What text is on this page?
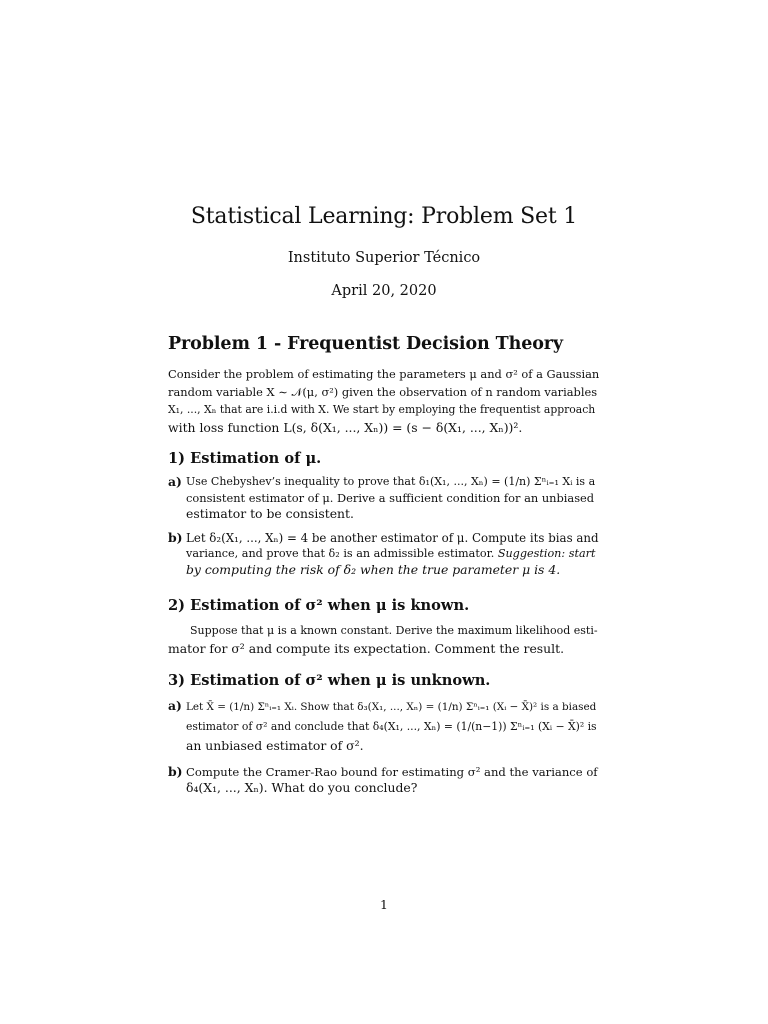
Statistical Learning: Problem Set 1
Instituto Superior Técnico
April 20, 2020
Problem 1 - Frequentist Decision Theory
Consider the problem of estimating the parameters μ and σ² of a Gaussian
random variable X ∼ 𝒩(μ, σ²) given the observation of n random variables
X₁, ..., Xₙ that are i.i.d with X. We start by employing the frequentist approach
with loss function L(s, δ(X₁, ..., Xₙ)) = (s − δ(X₁, ..., Xₙ))².
1) Estimation of μ.
a) Use Chebyshev’s inequality to prove that δ₁(X₁, ..., Xₙ) = (1/n) Σⁿᵢ₌₁ Xᵢ is a
consistent estimator of μ. Derive a sufficient condition for an unbiased
estimator to be consistent.
b) Let δ₂(X₁, ..., Xₙ) = 4 be another estimator of μ. Compute its bias and
variance, and prove that δ₂ is an admissible estimator. Suggestion: start
by computing the risk of δ₂ when the true parameter μ is 4.
2) Estimation of σ² when μ is known.
Suppose that μ is a known constant. Derive the maximum likelihood esti-
mator for σ² and compute its expectation. Comment the result.
3) Estimation of σ² when μ is unknown.
a) Let X̄ = (1/n) Σⁿᵢ₌₁ Xᵢ. Show that δ₃(X₁, ..., Xₙ) = (1/n) Σⁿᵢ₌₁ (Xᵢ − X̄)² is a biased
estimator of σ² and conclude that δ₄(X₁, ..., Xₙ) = (1/(n−1)) Σⁿᵢ₌₁ (Xᵢ − X̄)² is
an unbiased estimator of σ².
b) Compute the Cramer-Rao bound for estimating σ² and the variance of
δ₄(X₁, ..., Xₙ). What do you conclude?
1
